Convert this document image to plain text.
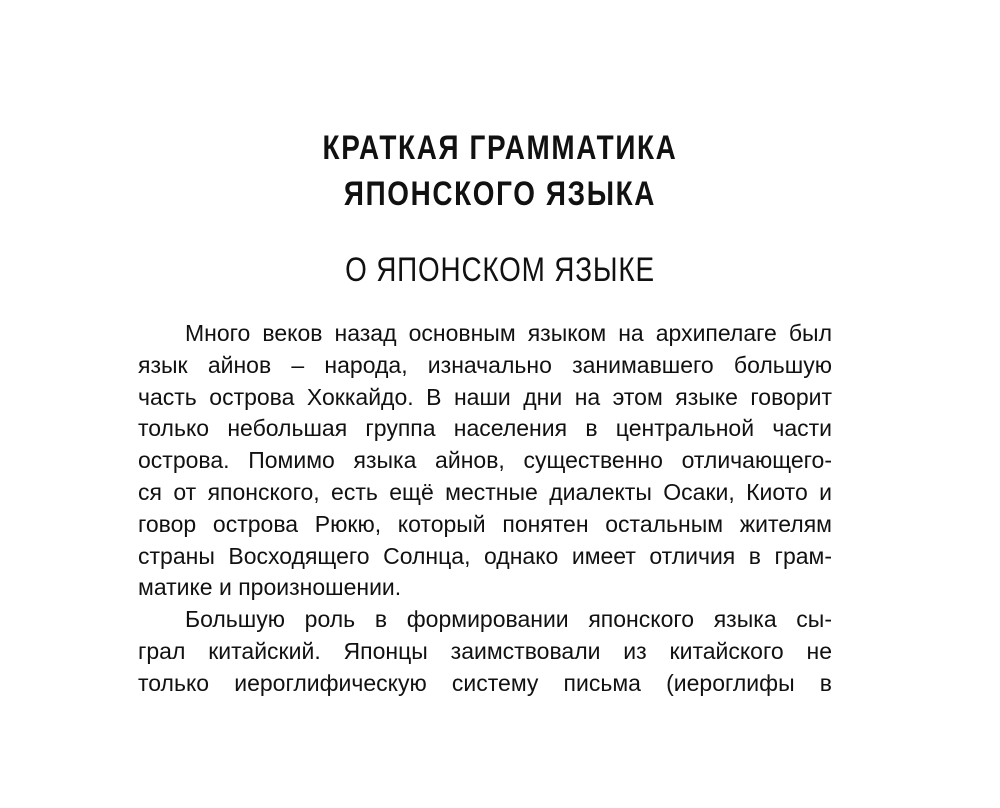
КРАТКАЯ ГРАММАТИКА
ЯПОНСКОГО ЯЗЫКА
О ЯПОНСКОМ ЯЗЫКЕ

Много веков назад основным языком на архипелаге был
язык айнов – народа, изначально занимавшего большую
часть острова Хоккайдо. В наши дни на этом языке говорит
только небольшая группа населения в центральной части
острова. Помимо языка айнов, существенно отличающего-
ся от японского, есть ещё местные диалекты Осаки, Киото и
говор острова Рюкю, который понятен остальным жителям
страны Восходящего Солнца, однако имеет отличия в грам-
матике и произношении.

Большую роль в формировании японского языка сы-
грал китайский. Японцы заимствовали из китайского не
только иероглифическую систему письма (иероглифы в
